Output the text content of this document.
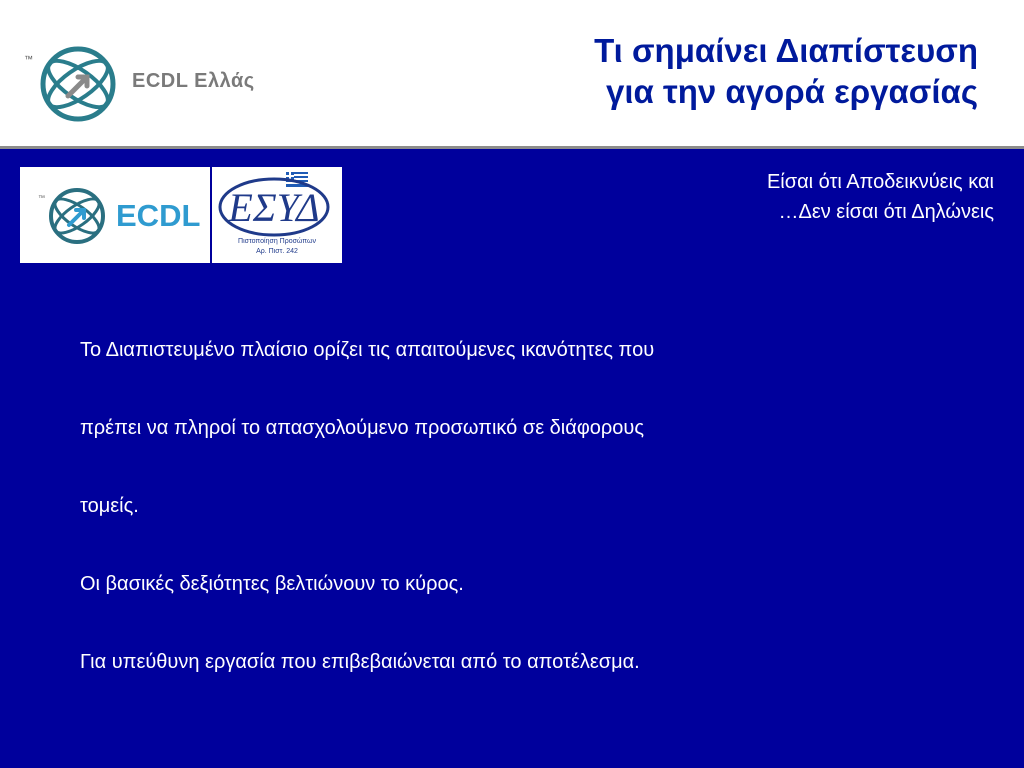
™
ECDL Ελλάς
Τι σημαίνει Διαπίστευση
για την αγορά εργασίας
™ ECDL ΕΣΥΔ
Πιστοποίηση Προσώπων
Αρ. Πιστ. 242
Είσαι ότι Αποδεικνύεις και
…Δεν είσαι ότι Δηλώνεις

Το Διαπιστευμένο πλαίσιο ορίζει τις απαιτούμενες ικανότητες που

πρέπει να πληροί το απασχολούμενο προσωπικό σε διάφορους

τομείς.

Οι βασικές δεξιότητες βελτιώνουν το κύρος.

Για υπεύθυνη εργασία που επιβεβαιώνεται από το αποτέλεσμα.
